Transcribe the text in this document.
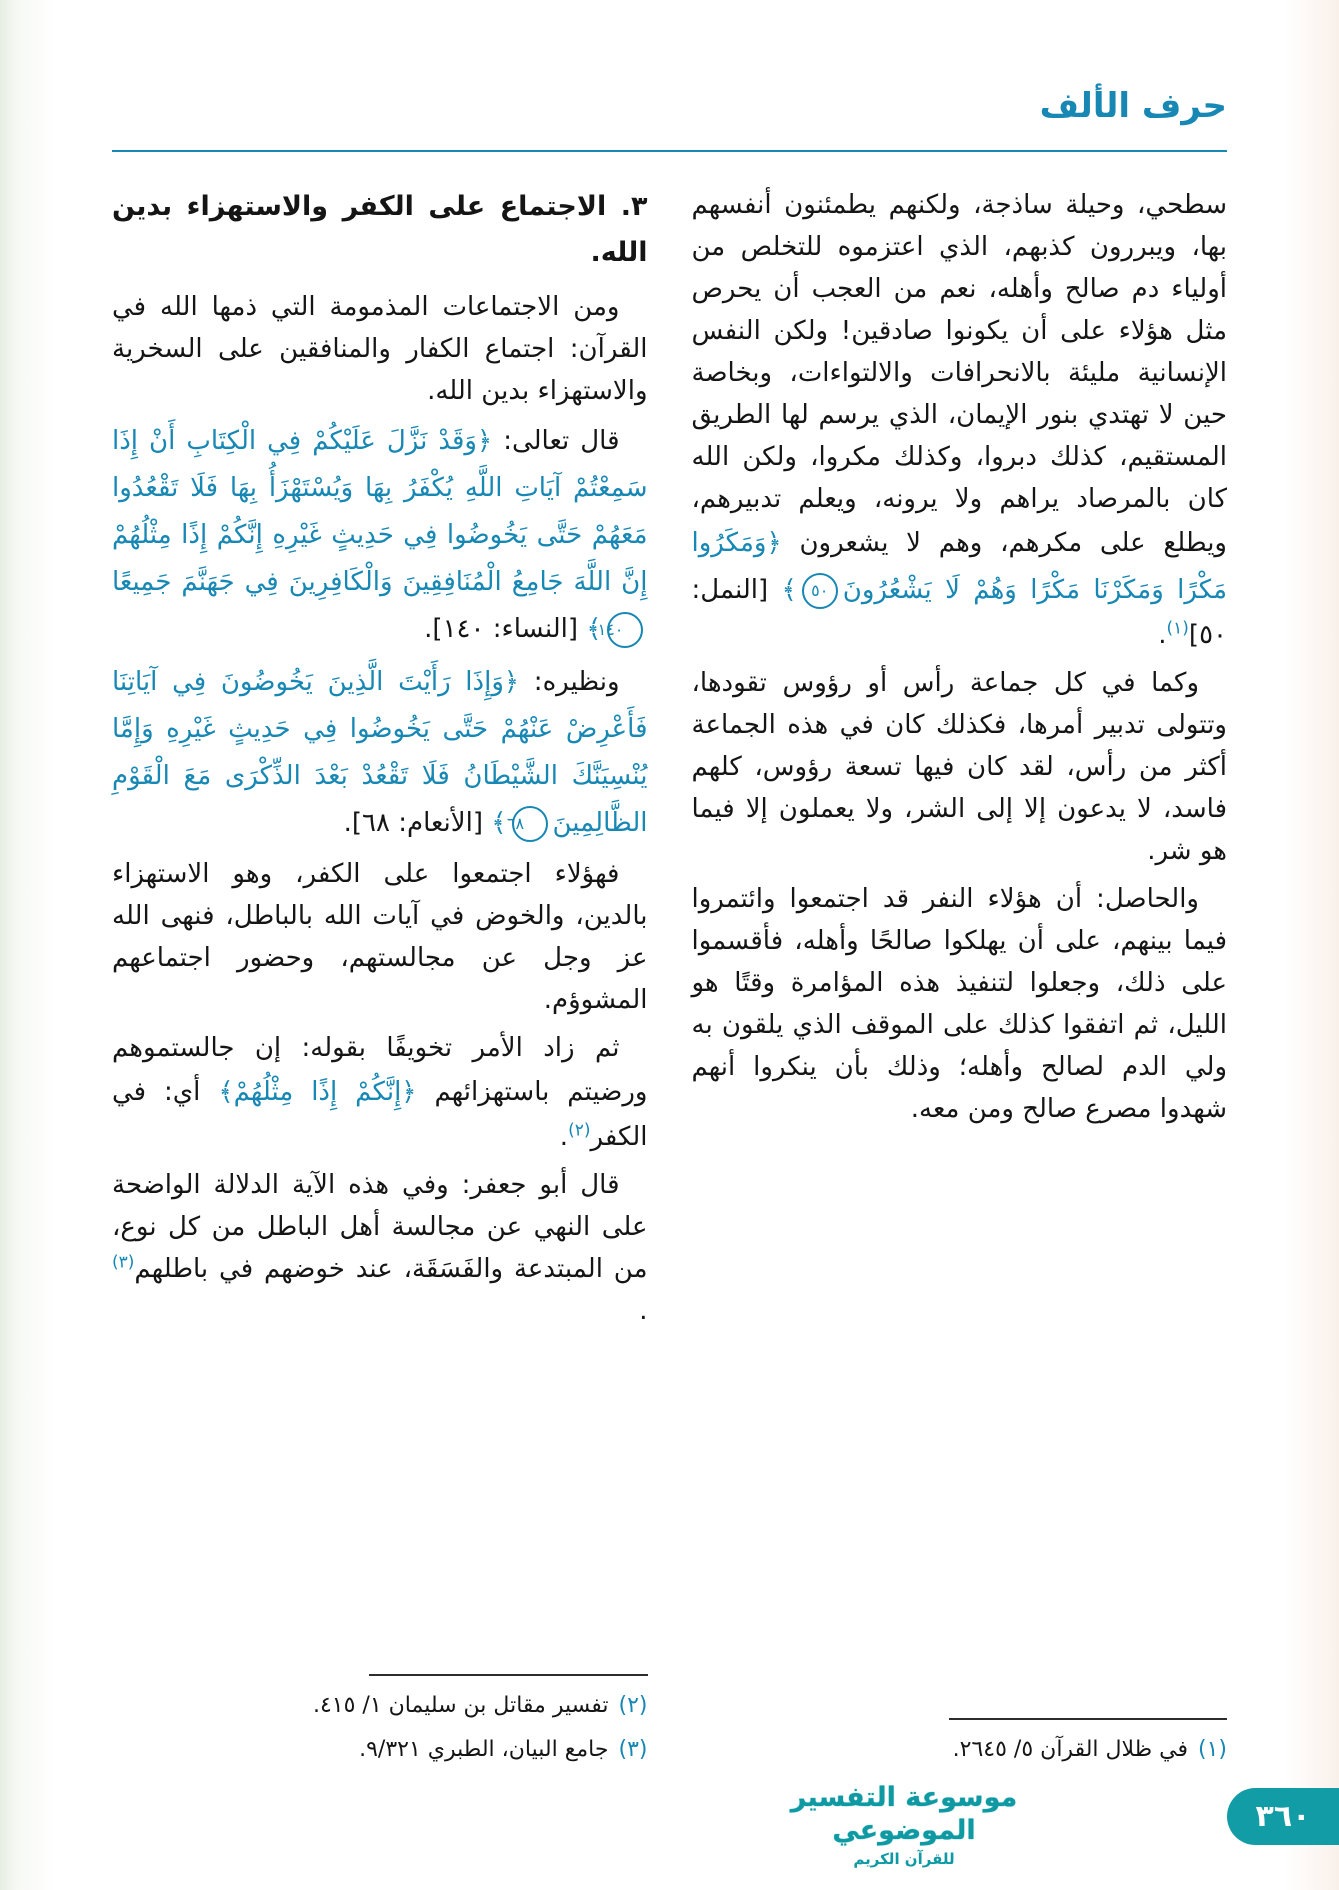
حرف الألف

سطحي، وحيلة ساذجة، ولكنهم يطمئنون أنفسهم بها، ويبررون كذبهم، الذي اعتزموه للتخلص من أولياء دم صالح وأهله، نعم من العجب أن يحرص مثل هؤلاء على أن يكونوا صادقين! ولكن النفس الإنسانية مليئة بالانحرافات والالتواءات، وبخاصة حين لا تهتدي بنور الإيمان، الذي يرسم لها الطريق المستقيم، كذلك دبروا، وكذلك مكروا، ولكن الله كان بالمرصاد يراهم ولا يرونه، ويعلم تدبيرهم، ويطلع على مكرهم، وهم لا يشعرون ﴿وَمَكَرُوا مَكْرًا وَمَكَرْنَا مَكْرًا وَهُمْ لَا يَشْعُرُونَ٥٠﴾ [النمل: ٥٠]$^{(١)}$.

وكما في كل جماعة رأس أو رؤوس تقودها، وتتولى تدبير أمرها، فكذلك كان في هذه الجماعة أكثر من رأس، لقد كان فيها تسعة رؤوس، كلهم فاسد، لا يدعون إلا إلى الشر، ولا يعملون إلا فيما هو شر.

والحاصل: أن هؤلاء النفر قد اجتمعوا وائتمروا فيما بينهم، على أن يهلكوا صالحًا وأهله، فأقسموا على ذلك، وجعلوا لتنفيذ هذه المؤامرة وقتًا هو الليل، ثم اتفقوا كذلك على الموقف الذي يلقون به ولي الدم لصالح وأهله؛ وذلك بأن ينكروا أنهم شهدوا مصرع صالح ومن معه.

(١)في ظلال القرآن ٥/ ٢٦٤٥.
٣. الاجتماع على الكفر والاستهزاء بدين الله.

ومن الاجتماعات المذمومة التي ذمها الله في القرآن: اجتماع الكفار والمنافقين على السخرية والاستهزاء بدين الله.

قال تعالى: ﴿وَقَدْ نَزَّلَ عَلَيْكُمْ فِي الْكِتَابِ أَنْ إِذَا سَمِعْتُمْ آيَاتِ اللَّهِ يُكْفَرُ بِهَا وَيُسْتَهْزَأُ بِهَا فَلَا تَقْعُدُوا مَعَهُمْ حَتَّى يَخُوضُوا فِي حَدِيثٍ غَيْرِهِ إِنَّكُمْ إِذًا مِثْلُهُمْ إِنَّ اللَّهَ جَامِعُ الْمُنَافِقِينَ وَالْكَافِرِينَ فِي جَهَنَّمَ جَمِيعًا١٤٠﴾ [النساء: ١٤٠].

ونظيره: ﴿وَإِذَا رَأَيْتَ الَّذِينَ يَخُوضُونَ فِي آيَاتِنَا فَأَعْرِضْ عَنْهُمْ حَتَّى يَخُوضُوا فِي حَدِيثٍ غَيْرِهِ وَإِمَّا يُنْسِيَنَّكَ الشَّيْطَانُ فَلَا تَقْعُدْ بَعْدَ الذِّكْرَى مَعَ الْقَوْمِ الظَّالِمِينَ٦٨﴾ [الأنعام: ٦٨].

فهؤلاء اجتمعوا على الكفر، وهو الاستهزاء بالدين، والخوض في آيات الله بالباطل، فنهى الله عز وجل عن مجالستهم، وحضور اجتماعهم المشوؤم.

ثم زاد الأمر تخويفًا بقوله: إن جالستموهم ورضيتم باستهزائهم ﴿إِنَّكُمْ إِذًا مِثْلُهُمْ﴾ أي: في الكفر$^{(٢)}$.

قال أبو جعفر: وفي هذه الآية الدلالة الواضحة على النهي عن مجالسة أهل الباطل من كل نوع، من المبتدعة والفَسَقَة، عند خوضهم في باطلهم$^{(٣)}$ .

(٢)تفسير مقاتل بن سليمان ١/ ٤١٥.
(٣)جامع البيان، الطبري ٩/٣٢١.
موسوعة التفسير الموضوعي
للقرآن الكريم
٣٦٠
